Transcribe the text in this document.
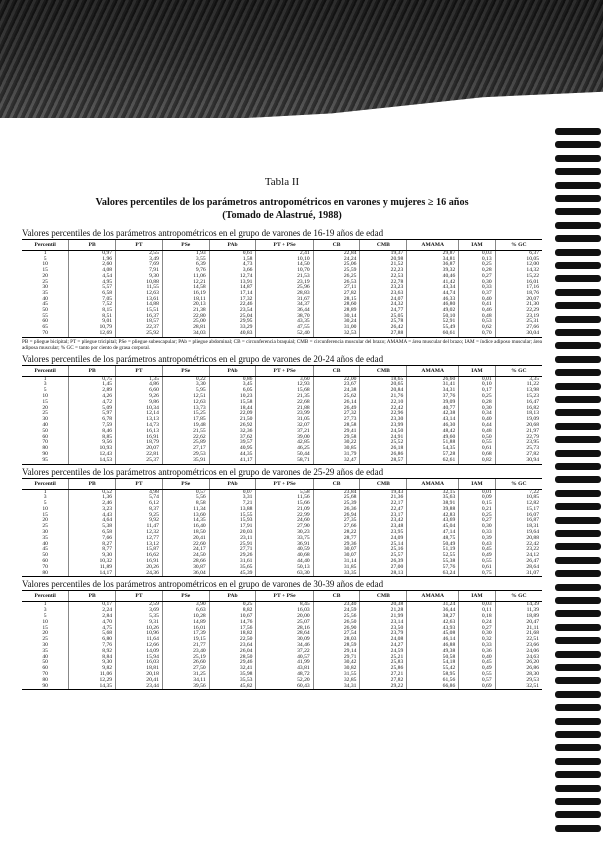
Tabla II
Valores percentiles de los parámetros antropométricos en varones y mujeres ≥ 16 años
(Tomado de Alastrué, 1988)
Valores percentiles de los parámetros antropométricos en el grupo de varones de 16-19 años de edad
Percentil	PB	PT	PSe	PAb	PT + PSe	CB	CMB	AMAMA	IAM	% GC
1	0,97	2,55	1,93	0,61	2,41	22,84	19,37	29,87	0,03	6,37
5	1,96	3,49	3,55	1,58	10,10	24,24	20,98	34,81	0,13	10,05
10	2,60	7,69	6,39	4,73	14,50	25,06	21,52	36,87	0,25	12,00
15	4,08	7,91	9,76	3,66	10,70	25,59	22,23	39,32	0,28	14,32
20	4,54	9,30	11,06	12,74	21,53	26,25	22,53	40,46	0,27	15,22
25	4,95	10,88	12,21	13,91	23,19	26,53	22,78	41,42	0,30	16,01
30	5,57	11,55	14,58	14,87	25,96	27,11	23,23	43,34	0,33	17,16
35	6,58	12,63	16,19	17,14	28,83	27,82	23,63	44,74	0,37	18,76
40	7,05	13,61	18,11	17,32	31,67	28,15	24,07	46,33	0,40	20,07
45	7,52	14,88	20,13	22,46	34,37	28,60	24,32	46,80	0,41	21,30
50	8,15	15,51	21,38	23,54	36,44	28,89	24,77	49,02	0,46	22,29
55	8,51	16,37	22,80	25,04	38,70	30,14	25,05	50,10	0,48	23,19
60	9,01	18,57	25,00	29,95	43,35	30,24	25,78	52,91	0,53	25,31
65	10,79	22,37	28,81	33,29	47,55	31,00	26,42	55,49	0,62	27,66
70	12,69	25,92	34,03	40,83	52,40	32,53	27,88	60,61	0,70	30,04
PB = pliegue bicipital; PT = pliegue tricipital; PSe = pliegue subescapular; PAb = pliegue abdominal; CB = circunferencia braquial; CMB = circunferencia muscular del brazo; AMAMA = área muscular del brazo; IAM = índice adiposo muscular; área adiposa muscular; % GC = tanto por ciento de grasa corporal.
Valores percentiles de los parámetros antropométricos en el grupo de varones de 20-24 años de edad
Percentil	PB	PT	PSe	PAb	PT + PSe	CB	CMB	AMAMA	IAM	% GC
1	0,75	1,35	0,22	0,86	3,60	22,00	18,65	26,60	0,01	3,35
3	1,45	4,86	3,30	3,45	12,93	23,67	20,65	31,41	0,10	11,22
5	2,89	6,60	5,95	6,05	15,68	24,38	20,84	34,31	0,17	13,98
10	4,26	9,26	12,51	10,23	21,35	25,62	21,76	37,76	0,25	15,23
15	4,72	9,86	12,63	15,58	22,68	26,14	22,10	39,09	0,28	16,47
20	5,09	10,34	13,73	18,44	21,88	26,49	22,42	40,77	0,30	16,82
25	5,97	12,14	15,25	22,09	23,99	27,32	22,96	42,38	0,34	18,13
30	6,78	13,13	17,85	21,50	31,05	27,73	23,30	43,14	0,40	19,09
40	7,59	14,73	19,48	26,92	32,07	28,58	23,99	46,30	0,44	20,68
50	8,46	16,13	21,55	32,36	37,21	29,41	24,50	48,42	0,48	21,97
60	8,85	16,91	22,62	37,62	39,00	29,58	24,91	49,60	0,50	22,79
70	9,56	18,79	25,89	39,57	42,85	30,22	25,52	51,88	0,55	23,95
80	10,93	20,07	27,17	40,95	46,25	30,85	26,18	54,35	0,61	25,73
90	12,43	22,81	29,53	44,35	50,44	31,79	26,86	57,28	0,68	27,82
95	14,53	25,37	35,91	41,17	58,71	32,47	28,57	62,61	0,82	30,94
Valores percentiles de los parámetros antropométricos en el grupo de varones de 25-29 años de edad
Percentil	PB	PT	PSe	PAb	PT + PSe	CB	CMB	AMAMA	IAM	% GC
1	0,52	4,98	0,57	0,07	5,58	23,84	19,43	32,15	0,01	7,22
3	1,36	5,74	5,56	3,31	11,56	25,68	21,36	35,63	0,09	10,85
5	2,46	6,12	8,58	7,21	15,66	25,39	22,17	38,91	0,15	12,82
10	3,23	8,37	11,34	13,88	21,09	26,36	22,47	39,88	0,21	15,17
15	4,43	9,25	13,60	15,55	22,99	26,94	23,17	42,83	0,25	16,07
20	4,64	9,92	14,35	15,93	24,60	27,35	23,42	43,69	0,27	16,87
25	5,38	11,47	16,40	17,91	27,90	27,66	23,48	45,04	0,30	18,31
30	6,58	12,32	18,50	20,03	30,23	28,22	23,95	47,14	0,33	19,64
35	7,66	12,77	20,41	23,11	33,75	28,77	24,09	48,75	0,39	20,88
40	8,27	13,12	22,60	25,91	36,91	29,36	25,14	50,49	0,43	22,42
45	8,77	15,87	24,17	27,71	40,59	30,07	25,16	51,19	0,45	23,22
50	9,30	16,62	24,50	29,26	40,68	30,07	25,57	52,55	0,49	24,12
60	10,32	16,91	28,66	31,61	44,40	31,14	26,39	55,38	0,55	26,47
70	11,89	20,26	30,87	35,65	50,13	31,85	27,00	57,76	0,61	28,64
80	14,17	24,36	36,04	45,39	63,30	33,35	28,13	63,24	0,75	31,07
Valores percentiles de los parámetros antropométricos en el grupo de varones de 30-39 años de edad
Percentil	PB	PT	PSe	PAb	PT + PSe	CB	CMB	AMAMA	IAM	% GC
1	0,17	2,59	3,90	0,25	8,45	23,40	20,38	31,24	0,03	14,39
3	2,24	3,69	6,63	8,82	16,03	24,59	21,28	36,44	0,11	11,39
5	2,84	5,35	10,28	10,67	20,00	25,56	21,99	38,27	0,18	18,89
10	4,70	9,31	14,89	14,76	25,07	26,50	23,14	42,63	0,24	20,47
15	4,75	10,26	16,01	17,56	28,16	26,90	23,50	43,93	0,27	21,11
20	5,68	10,96	17,39	18,82	28,64	27,54	23,79	45,08	0,30	21,68
25	6,80	11,64	19,15	22,50	30,09	28,03	24,08	46,14	0,32	22,51
30	7,76	12,66	21,77	23,64	34,46	28,59	24,27	46,88	0,33	23,66
35	8,92	14,09	23,40	26,04	37,22	29,14	24,59	49,38	0,36	24,06
40	8,84	15,94	25,19	28,50	40,57	29,71	25,21	50,58	0,40	24,63
50	9,30	16,03	26,60	29,46	41,99	30,42	25,83	54,18	0,45	26,20
60	9,82	18,81	27,50	32,41	43,81	30,82	25,86	55,42	0,49	26,86
70	11,06	20,18	31,25	35,98	48,72	31,55	27,21	58,95	0,55	28,30
80	12,29	20,41	34,11	35,53	52,20	32,85	27,82	61,56	0,57	29,53
90	14,35	23,44	39,56	45,82	60,43	34,31	29,22	66,86	0,69	32,51
